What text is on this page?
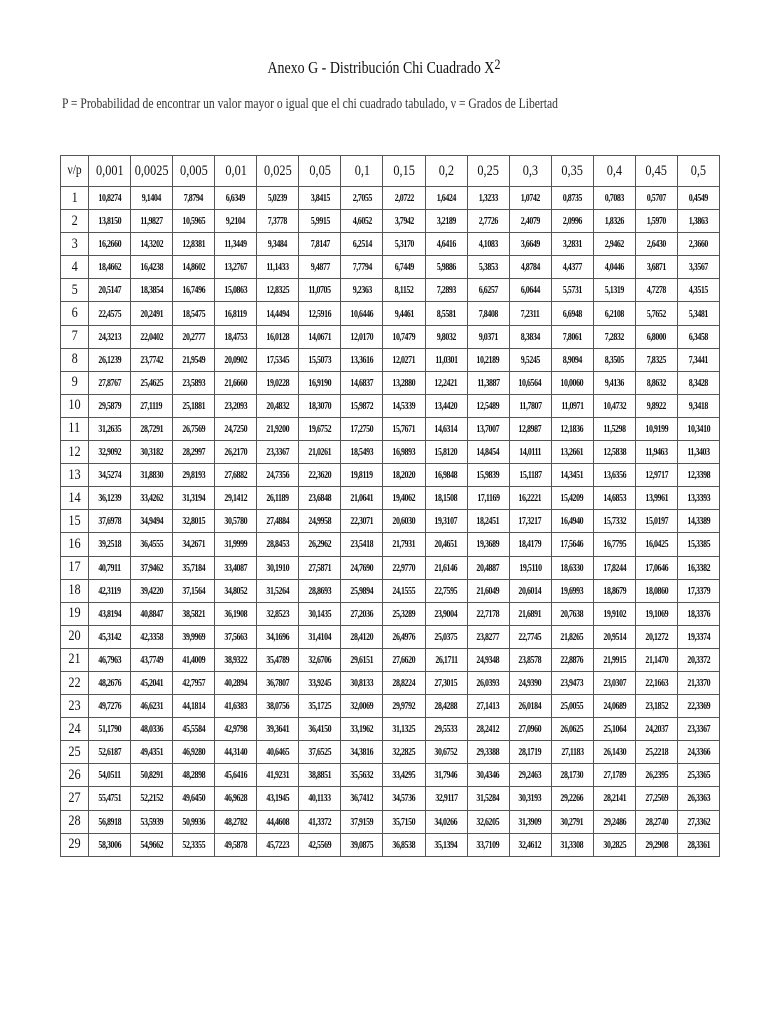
Anexo G - Distribución Chi Cuadrado $X^2$
P = Probabilidad de encontrar un valor mayor o igual que el chi cuadrado tabulado, ν = Grados de Libertad
ν/p	0,001	0,0025	0,005	0,01	0,025	0,05	0,1	0,15	0,2	0,25	0,3	0,35	0,4	0,45	0,5
1	10,8274	9,1404	7,8794	6,6349	5,0239	3,8415	2,7055	2,0722	1,6424	1,3233	1,0742	0,8735	0,7083	0,5707	0,4549
2	13,8150	11,9827	10,5965	9,2104	7,3778	5,9915	4,6052	3,7942	3,2189	2,7726	2,4079	2,0996	1,8326	1,5970	1,3863
3	16,2660	14,3202	12,8381	11,3449	9,3484	7,8147	6,2514	5,3170	4,6416	4,1083	3,6649	3,2831	2,9462	2,6430	2,3660
4	18,4662	16,4238	14,8602	13,2767	11,1433	9,4877	7,7794	6,7449	5,9886	5,3853	4,8784	4,4377	4,0446	3,6871	3,3567
5	20,5147	18,3854	16,7496	15,0863	12,8325	11,0705	9,2363	8,1152	7,2893	6,6257	6,0644	5,5731	5,1319	4,7278	4,3515
6	22,4575	20,2491	18,5475	16,8119	14,4494	12,5916	10,6446	9,4461	8,5581	7,8408	7,2311	6,6948	6,2108	5,7652	5,3481
7	24,3213	22,0402	20,2777	18,4753	16,0128	14,0671	12,0170	10,7479	9,8032	9,0371	8,3834	7,8061	7,2832	6,8000	6,3458
8	26,1239	23,7742	21,9549	20,0902	17,5345	15,5073	13,3616	12,0271	11,0301	10,2189	9,5245	8,9094	8,3505	7,8325	7,3441
9	27,8767	25,4625	23,5893	21,6660	19,0228	16,9190	14,6837	13,2880	12,2421	11,3887	10,6564	10,0060	9,4136	8,8632	8,3428
10	29,5879	27,1119	25,1881	23,2093	20,4832	18,3070	15,9872	14,5339	13,4420	12,5489	11,7807	11,0971	10,4732	9,8922	9,3418
11	31,2635	28,7291	26,7569	24,7250	21,9200	19,6752	17,2750	15,7671	14,6314	13,7007	12,8987	12,1836	11,5298	10,9199	10,3410
12	32,9092	30,3182	28,2997	26,2170	23,3367	21,0261	18,5493	16,9893	15,8120	14,8454	14,0111	13,2661	12,5838	11,9463	11,3403
13	34,5274	31,8830	29,8193	27,6882	24,7356	22,3620	19,8119	18,2020	16,9848	15,9839	15,1187	14,3451	13,6356	12,9717	12,3398
14	36,1239	33,4262	31,3194	29,1412	26,1189	23,6848	21,0641	19,4062	18,1508	17,1169	16,2221	15,4209	14,6853	13,9961	13,3393
15	37,6978	34,9494	32,8015	30,5780	27,4884	24,9958	22,3071	20,6030	19,3107	18,2451	17,3217	16,4940	15,7332	15,0197	14,3389
16	39,2518	36,4555	34,2671	31,9999	28,8453	26,2962	23,5418	21,7931	20,4651	19,3689	18,4179	17,5646	16,7795	16,0425	15,3385
17	40,7911	37,9462	35,7184	33,4087	30,1910	27,5871	24,7690	22,9770	21,6146	20,4887	19,5110	18,6330	17,8244	17,0646	16,3382
18	42,3119	39,4220	37,1564	34,8052	31,5264	28,8693	25,9894	24,1555	22,7595	21,6049	20,6014	19,6993	18,8679	18,0860	17,3379
19	43,8194	40,8847	38,5821	36,1908	32,8523	30,1435	27,2036	25,3289	23,9004	22,7178	21,6891	20,7638	19,9102	19,1069	18,3376
20	45,3142	42,3358	39,9969	37,5663	34,1696	31,4104	28,4120	26,4976	25,0375	23,8277	22,7745	21,8265	20,9514	20,1272	19,3374
21	46,7963	43,7749	41,4009	38,9322	35,4789	32,6706	29,6151	27,6620	26,1711	24,9348	23,8578	22,8876	21,9915	21,1470	20,3372
22	48,2676	45,2041	42,7957	40,2894	36,7807	33,9245	30,8133	28,8224	27,3015	26,0393	24,9390	23,9473	23,0307	22,1663	21,3370
23	49,7276	46,6231	44,1814	41,6383	38,0756	35,1725	32,0069	29,9792	28,4288	27,1413	26,0184	25,0055	24,0689	23,1852	22,3369
24	51,1790	48,0336	45,5584	42,9798	39,3641	36,4150	33,1962	31,1325	29,5533	28,2412	27,0960	26,0625	25,1064	24,2037	23,3367
25	52,6187	49,4351	46,9280	44,3140	40,6465	37,6525	34,3816	32,2825	30,6752	29,3388	28,1719	27,1183	26,1430	25,2218	24,3366
26	54,0511	50,8291	48,2898	45,6416	41,9231	38,8851	35,5632	33,4295	31,7946	30,4346	29,2463	28,1730	27,1789	26,2395	25,3365
27	55,4751	52,2152	49,6450	46,9628	43,1945	40,1133	36,7412	34,5736	32,9117	31,5284	30,3193	29,2266	28,2141	27,2569	26,3363
28	56,8918	53,5939	50,9936	48,2782	44,4608	41,3372	37,9159	35,7150	34,0266	32,6205	31,3909	30,2791	29,2486	28,2740	27,3362
29	58,3006	54,9662	52,3355	49,5878	45,7223	42,5569	39,0875	36,8538	35,1394	33,7109	32,4612	31,3308	30,2825	29,2908	28,3361
